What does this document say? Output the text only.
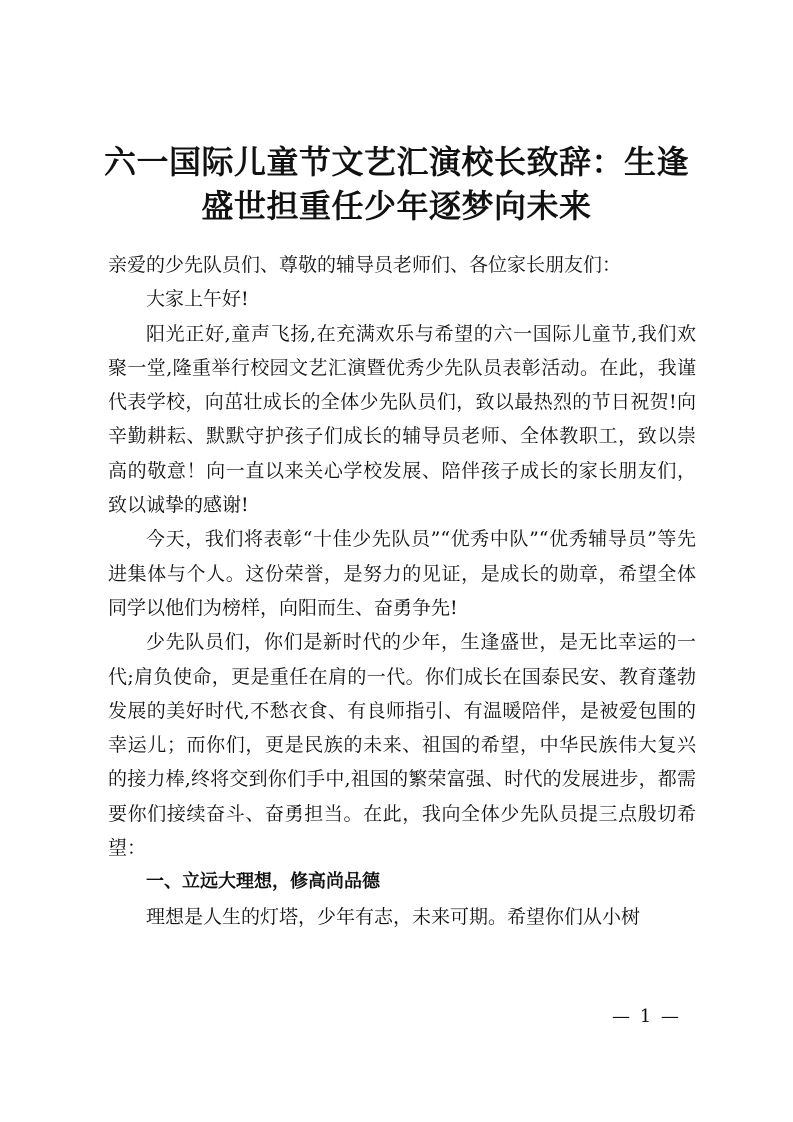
六一国际儿童节文艺汇演校长致辞：生逢
盛世担重任少年逐梦向未来

亲爱的少先队员们、尊敬的辅导员老师们、各位家长朋友们：

大家上午好!

阳光正好,童声飞扬,在充满欢乐与希望的六一国际儿童节,我们欢聚一堂,隆重举行校园文艺汇演暨优秀少先队员表彰活动。在此，我谨代表学校，向茁壮成长的全体少先队员们，致以最热烈的节日祝贺!向辛勤耕耘、默默守护孩子们成长的辅导员老师、全体教职工，致以崇高的敬意！向一直以来关心学校发展、陪伴孩子成长的家长朋友们，致以诚挚的感谢!

今天，我们将表彰“十佳少先队员”“优秀中队”“优秀辅导员”等先进集体与个人。这份荣誉，是努力的见证，是成长的勋章，希望全体同学以他们为榜样，向阳而生、奋勇争先!

少先队员们，你们是新时代的少年，生逢盛世，是无比幸运的一代;肩负使命，更是重任在肩的一代。你们成长在国泰民安、教育蓬勃发展的美好时代,不愁衣食、有良师指引、有温暖陪伴，是被爱包围的幸运儿；而你们，更是民族的未来、祖国的希望，中华民族伟大复兴的接力棒,终将交到你们手中,祖国的繁荣富强、时代的发展进步，都需要你们接续奋斗、奋勇担当。在此，我向全体少先队员提三点殷切希望：

一、立远大理想，修高尚品德

理想是人生的灯塔，少年有志，未来可期。希望你们从小树

— 1 —
